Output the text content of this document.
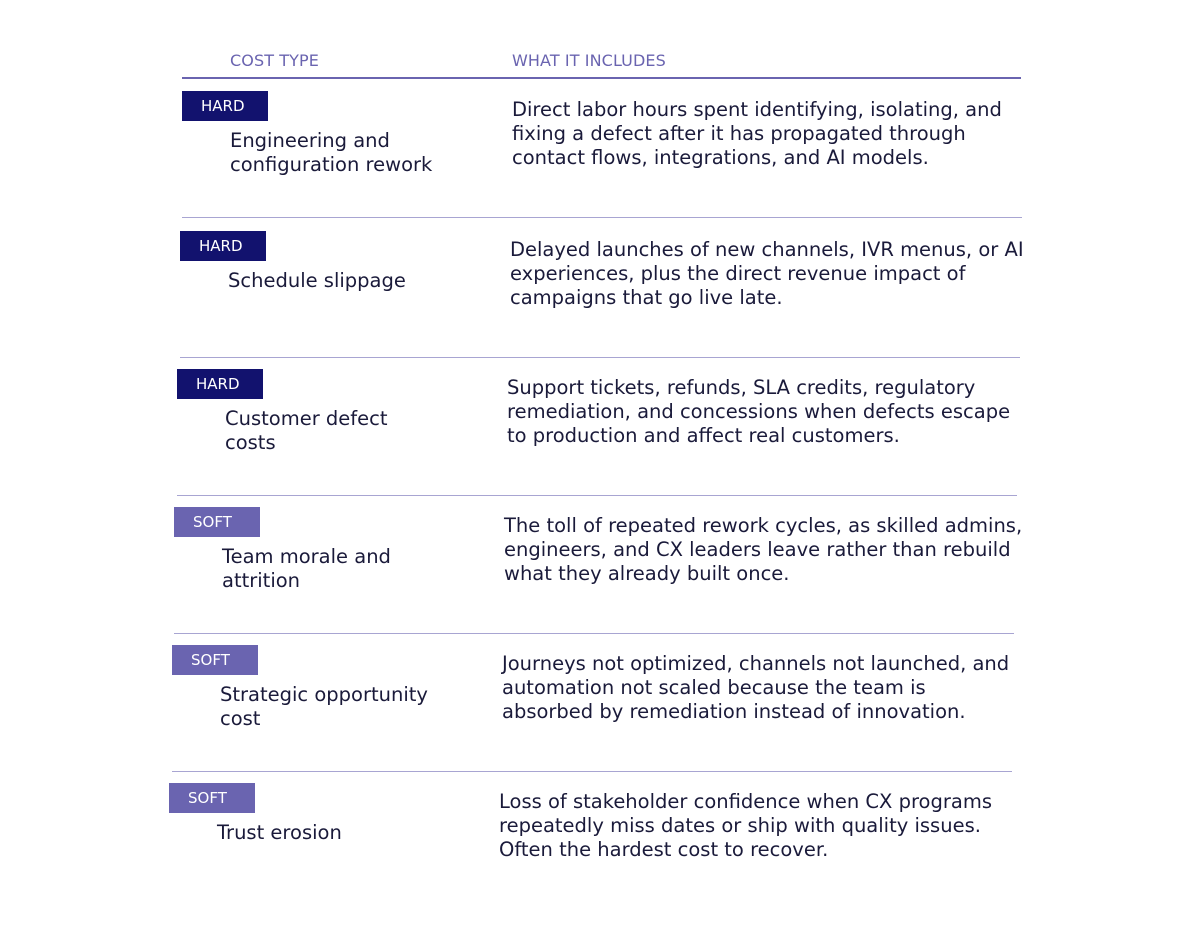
COST TYPE	WHAT IT INCLUDES
HARD
Engineering and configuration rework
Direct labor hours spent identifying, isolating, and fixing a defect after it has propagated through contact flows, integrations, and AI models.
HARD
Schedule slippage
Delayed launches of new channels, IVR menus, or AI experiences, plus the direct revenue impact of campaigns that go live late.
HARD
Customer defect costs
Support tickets, refunds, SLA credits, regulatory remediation, and concessions when defects escape to production and affect real customers.
SOFT
Team morale and attrition
The toll of repeated rework cycles, as skilled admins, engineers, and CX leaders leave rather than rebuild what they already built once.
SOFT
Strategic opportunity cost
Journeys not optimized, channels not launched, and automation not scaled because the team is absorbed by remediation instead of innovation.
SOFT
Trust erosion
Loss of stakeholder confidence when CX programs repeatedly miss dates or ship with quality issues. Often the hardest cost to recover.
